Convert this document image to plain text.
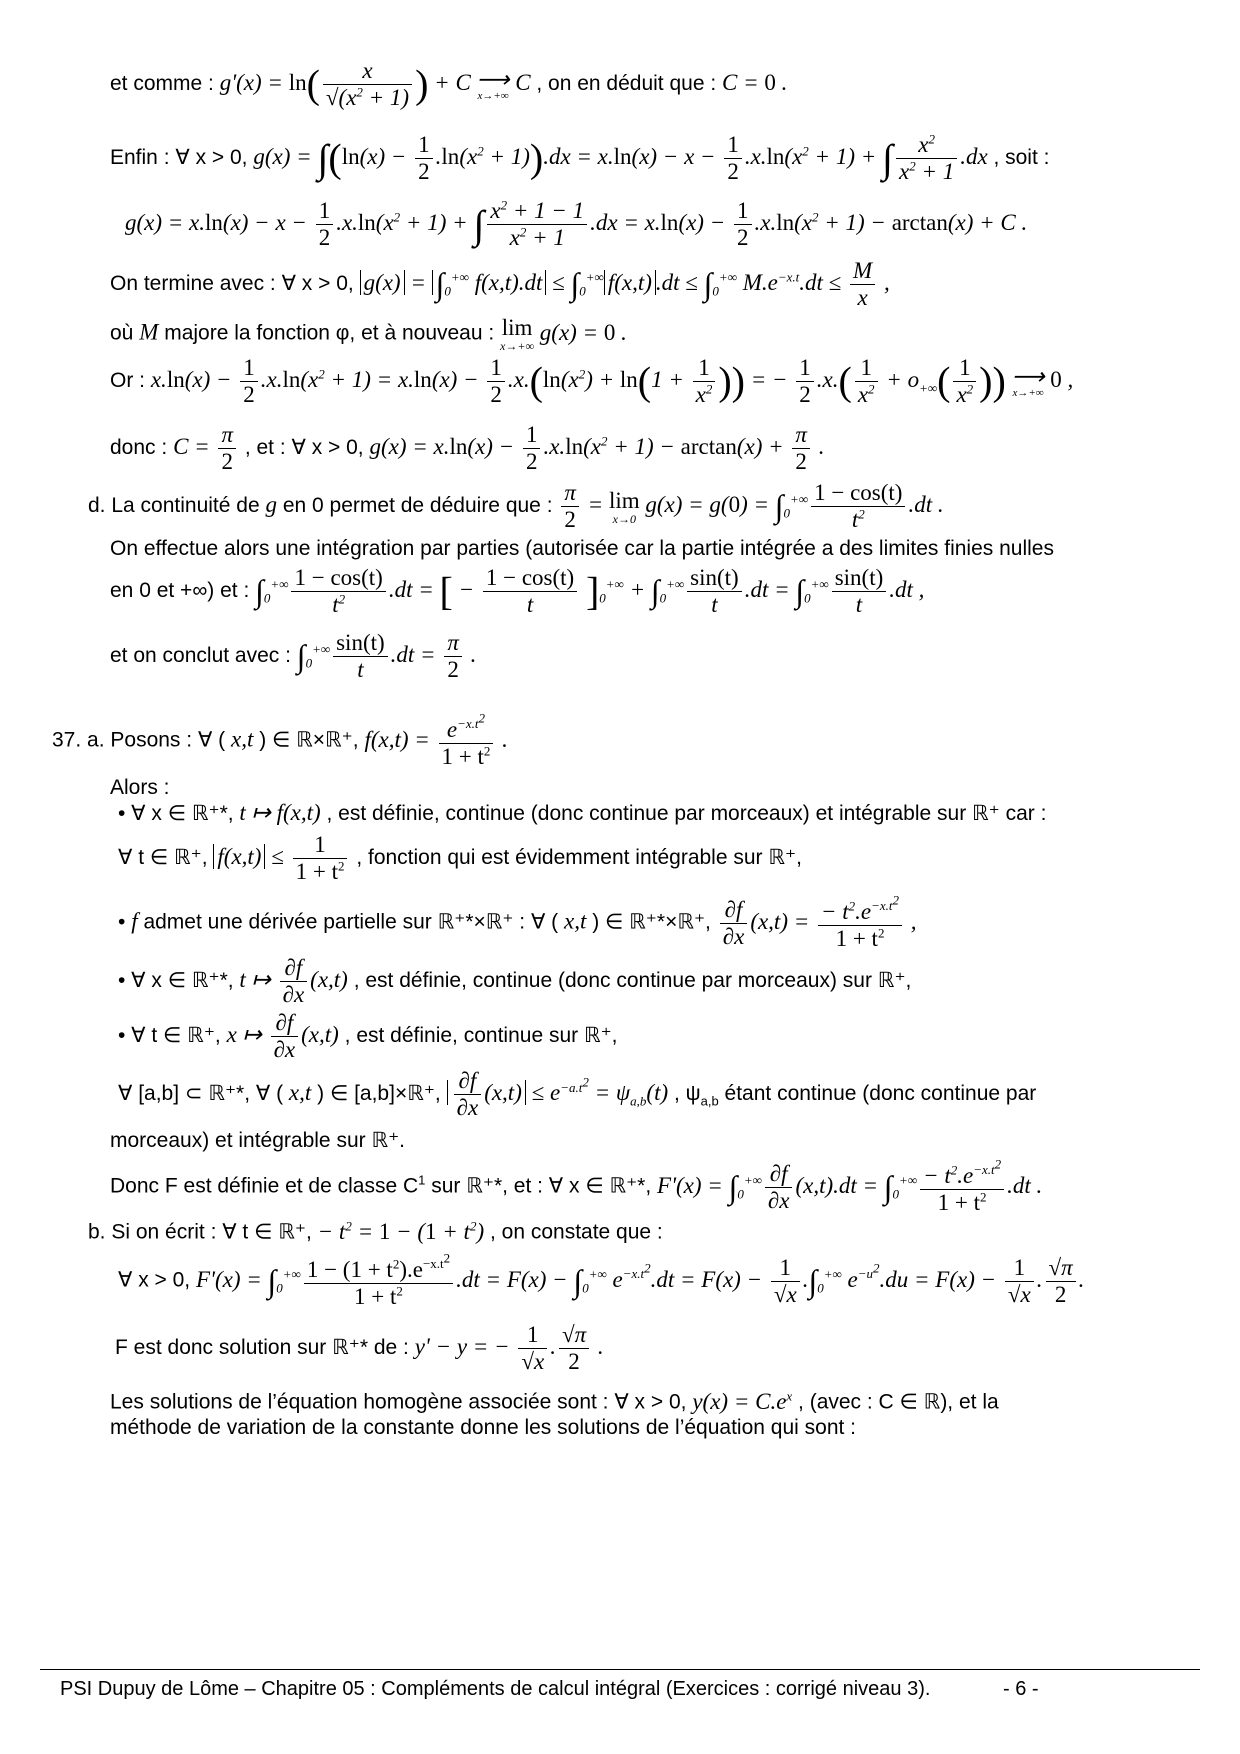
et comme : $g'(x) = \ln( \frac{x}{√(x^2 + 1)}$ ) + C ⟶
x→+∞
C , on en déduit que : C = 0 .
Enfin : ∀ x > 0, $g(x) = \int(\ln(x) - \frac{1}{2} .\ln(x^2 + 1)).dx = x.\ln(x) - x - \frac{1}{2} .x.\ln(x^2 + 1)$ + ∫ $\frac{x^2}{x^2 + 1} .dx$ , soit :
$g(x) = x.\ln(x) - x - \frac{1}{2} .x.\ln(x^2 + 1)$ + ∫ $\frac{x^2 + 1 - 1}{x^2 + 1} .dx = x.\ln(x) - \frac{1}{2} .x.\ln(x^2 + 1) - \arctan(x) + C$ .
On termine avec : ∀ x > 0, $g(x) = \int_0^{+\infty}$ $f(x,t).dt \le \int_0^{+\infty}$ f(x,t) $.dt \le \int_0^{+\infty}$ $M.e^{-x.t}.dt \le \frac{M}{x}$ ,
où M majore la fonction φ, et à nouveau : lim
x→+∞
g(x) = 0 .
Or : $x.\ln(x) - \frac{1}{2} .x.\ln(x^2 + 1) = x.\ln(x) - \frac{1}{2} .x.(\ln(x^2) + \ln(1 + \frac{1}{x^2}$ )) = − $\frac{1}{2} .x.( \frac{1}{x^2} + o_{+\infty}( \frac{1}{x^2}$ )) ⟶
x→+∞
0 ,
donc : $C = \frac{\pi}{2}$ , et : ∀ x > 0, $g(x) = x.\ln(x) - \frac{1}{2} .x.\ln(x^2 + 1) - \arctan(x) + \frac{\pi}{2}$ .
d. La continuité de g en 0 permet de déduire que : $\frac{\pi}{2} = \lim$
x→0
$g(x) = g(0) = \int_0^{+\infty} \frac{1 - \cos(t)}{t^2} .dt$ .
On effectue alors une intégration par parties (autorisée car la partie intégrée a des limites finies nulles
en 0 et +∞) et : $\int_0^{+\infty} \frac{1 - \cos(t)}{t^2} .dt$ = [ − $\frac{1 - \cos(t)}{t} ]_0^{+\infty} + \int_0^{+\infty} \frac{\sin(t)}{t} .dt = \int_0^{+\infty} \frac{\sin(t)}{t} .dt$ ,
et on conclut avec : $\int_0^{+\infty} \frac{\sin(t)}{t} .dt = \frac{\pi}{2}$ .
37. a. Posons : ∀ ( x,t ) ∈ ℝ×ℝ⁺, $f(x,t) = \frac{e^{-x.t^2}}{1 + t^2}$ .
Alors :
• ∀ x ∈ ℝ⁺*, t ↦ f(x,t) , est définie, continue (donc continue par morceaux) et intégrable sur ℝ⁺ car :
∀ t ∈ ℝ⁺, $f(x,t) \le \frac{1}{1 + t^2}$ , fonction qui est évidemment intégrable sur ℝ⁺,
• f admet une dérivée partielle sur ℝ⁺*×ℝ⁺ : ∀ ( x,t ) ∈ ℝ⁺*×ℝ⁺, $\frac{\partial f}{\partial x} (x,t) = \frac{- t^2.e^{-x.t^2}}{1 + t^2}$ ,
• ∀ x ∈ ℝ⁺*, t ↦ $\frac{\partial f}{\partial x} (x,t)$ , est définie, continue (donc continue par morceaux) sur ℝ⁺,
• ∀ t ∈ ℝ⁺, x ↦ $\frac{\partial f}{\partial x} (x,t)$ , est définie, continue sur ℝ⁺,
∀ [a,b] ⊂ ℝ⁺*, ∀ ( x,t ) ∈ [a,b]×ℝ⁺, $\frac{\partial f}{\partial x} (x,t) \le e^{-a.t^2} = \psi_{a,b}(t)$ , $\psi_{a,b}$ étant continue (donc continue par
morceaux) et intégrable sur ℝ⁺.
Donc F est définie et de classe $C^1$ sur ℝ⁺*, et : ∀ x ∈ ℝ⁺*, $F'(x) = \int_0^{+\infty} \frac{\partial f}{\partial x} (x,t).dt = \int_0^{+\infty} \frac{- t^2.e^{-x.t^2}}{1 + t^2} .dt$ .
b. Si on écrit : ∀ t ∈ ℝ⁺, − $t^2 = 1 - (1 + t^2)$ , on constate que :
∀ x > 0, $F'(x) = \int_0^{+\infty} \frac{1 - (1 + t^2).e^{-x.t^2}}{1 + t^2} .dt = F(x) - \int_0^{+\infty}$ $e^{-x.t^2}.dt = F(x) - \frac{1}{√x} .\int_0^{+\infty}$ $e^{-u^2}.du = F(x) - \frac{1}{√x}$ . $\frac{√\pi}{2}$ .
F est donc solution sur ℝ⁺* de : y' − y = − $\frac{1}{√x}$ . $\frac{√\pi}{2}$ .
Les solutions de l’équation homogène associée sont : ∀ x > 0, $y(x) = C.e^x$ , (avec : C ∈ ℝ), et la
méthode de variation de la constante donne les solutions de l’équation qui sont :
PSI Dupuy de Lôme – Chapitre 05 : Compléments de calcul intégral (Exercices : corrigé niveau 3).	- 6 -
